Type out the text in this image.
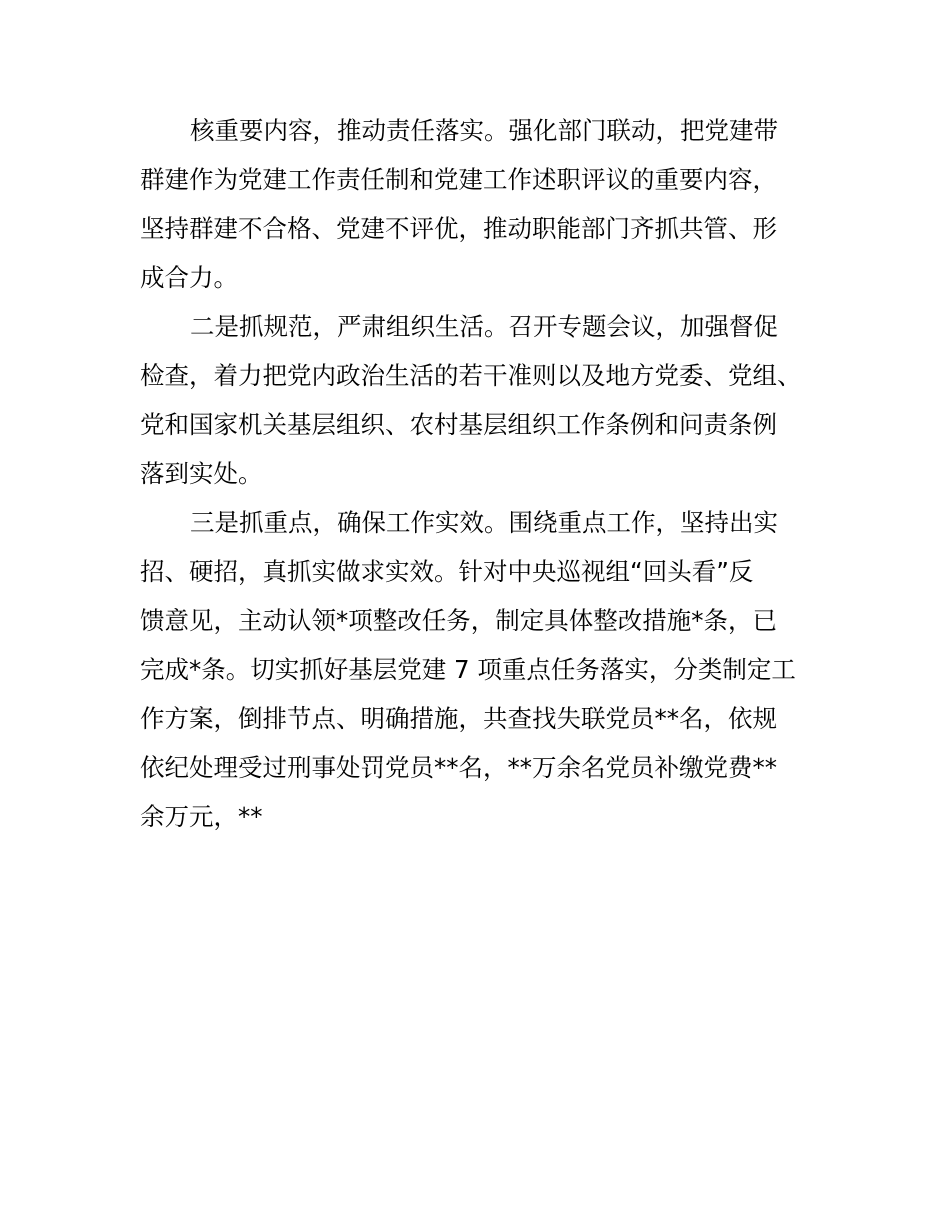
核重要内容，推动责任落实。强化部门联动，把党建带
群建作为党建工作责任制和党建工作述职评议的重要内容，
坚持群建不合格、党建不评优，推动职能部门齐抓共管、形
成合力。
二是抓规范，严肃组织生活。召开专题会议，加强督促
检查，着力把党内政治生活的若干准则以及地方党委、党组、
党和国家机关基层组织、农村基层组织工作条例和问责条例
落到实处。
三是抓重点，确保工作实效。围绕重点工作，坚持出实
招、硬招，真抓实做求实效。针对中央巡视组“回头看”反
馈意见，主动认领*项整改任务，制定具体整改措施*条，已
完成*条。切实抓好基层党建 7 项重点任务落实，分类制定工
作方案，倒排节点、明确措施，共查找失联党员**名，依规
依纪处理受过刑事处罚党员**名，**万余名党员补缴党费**
余万元，**
